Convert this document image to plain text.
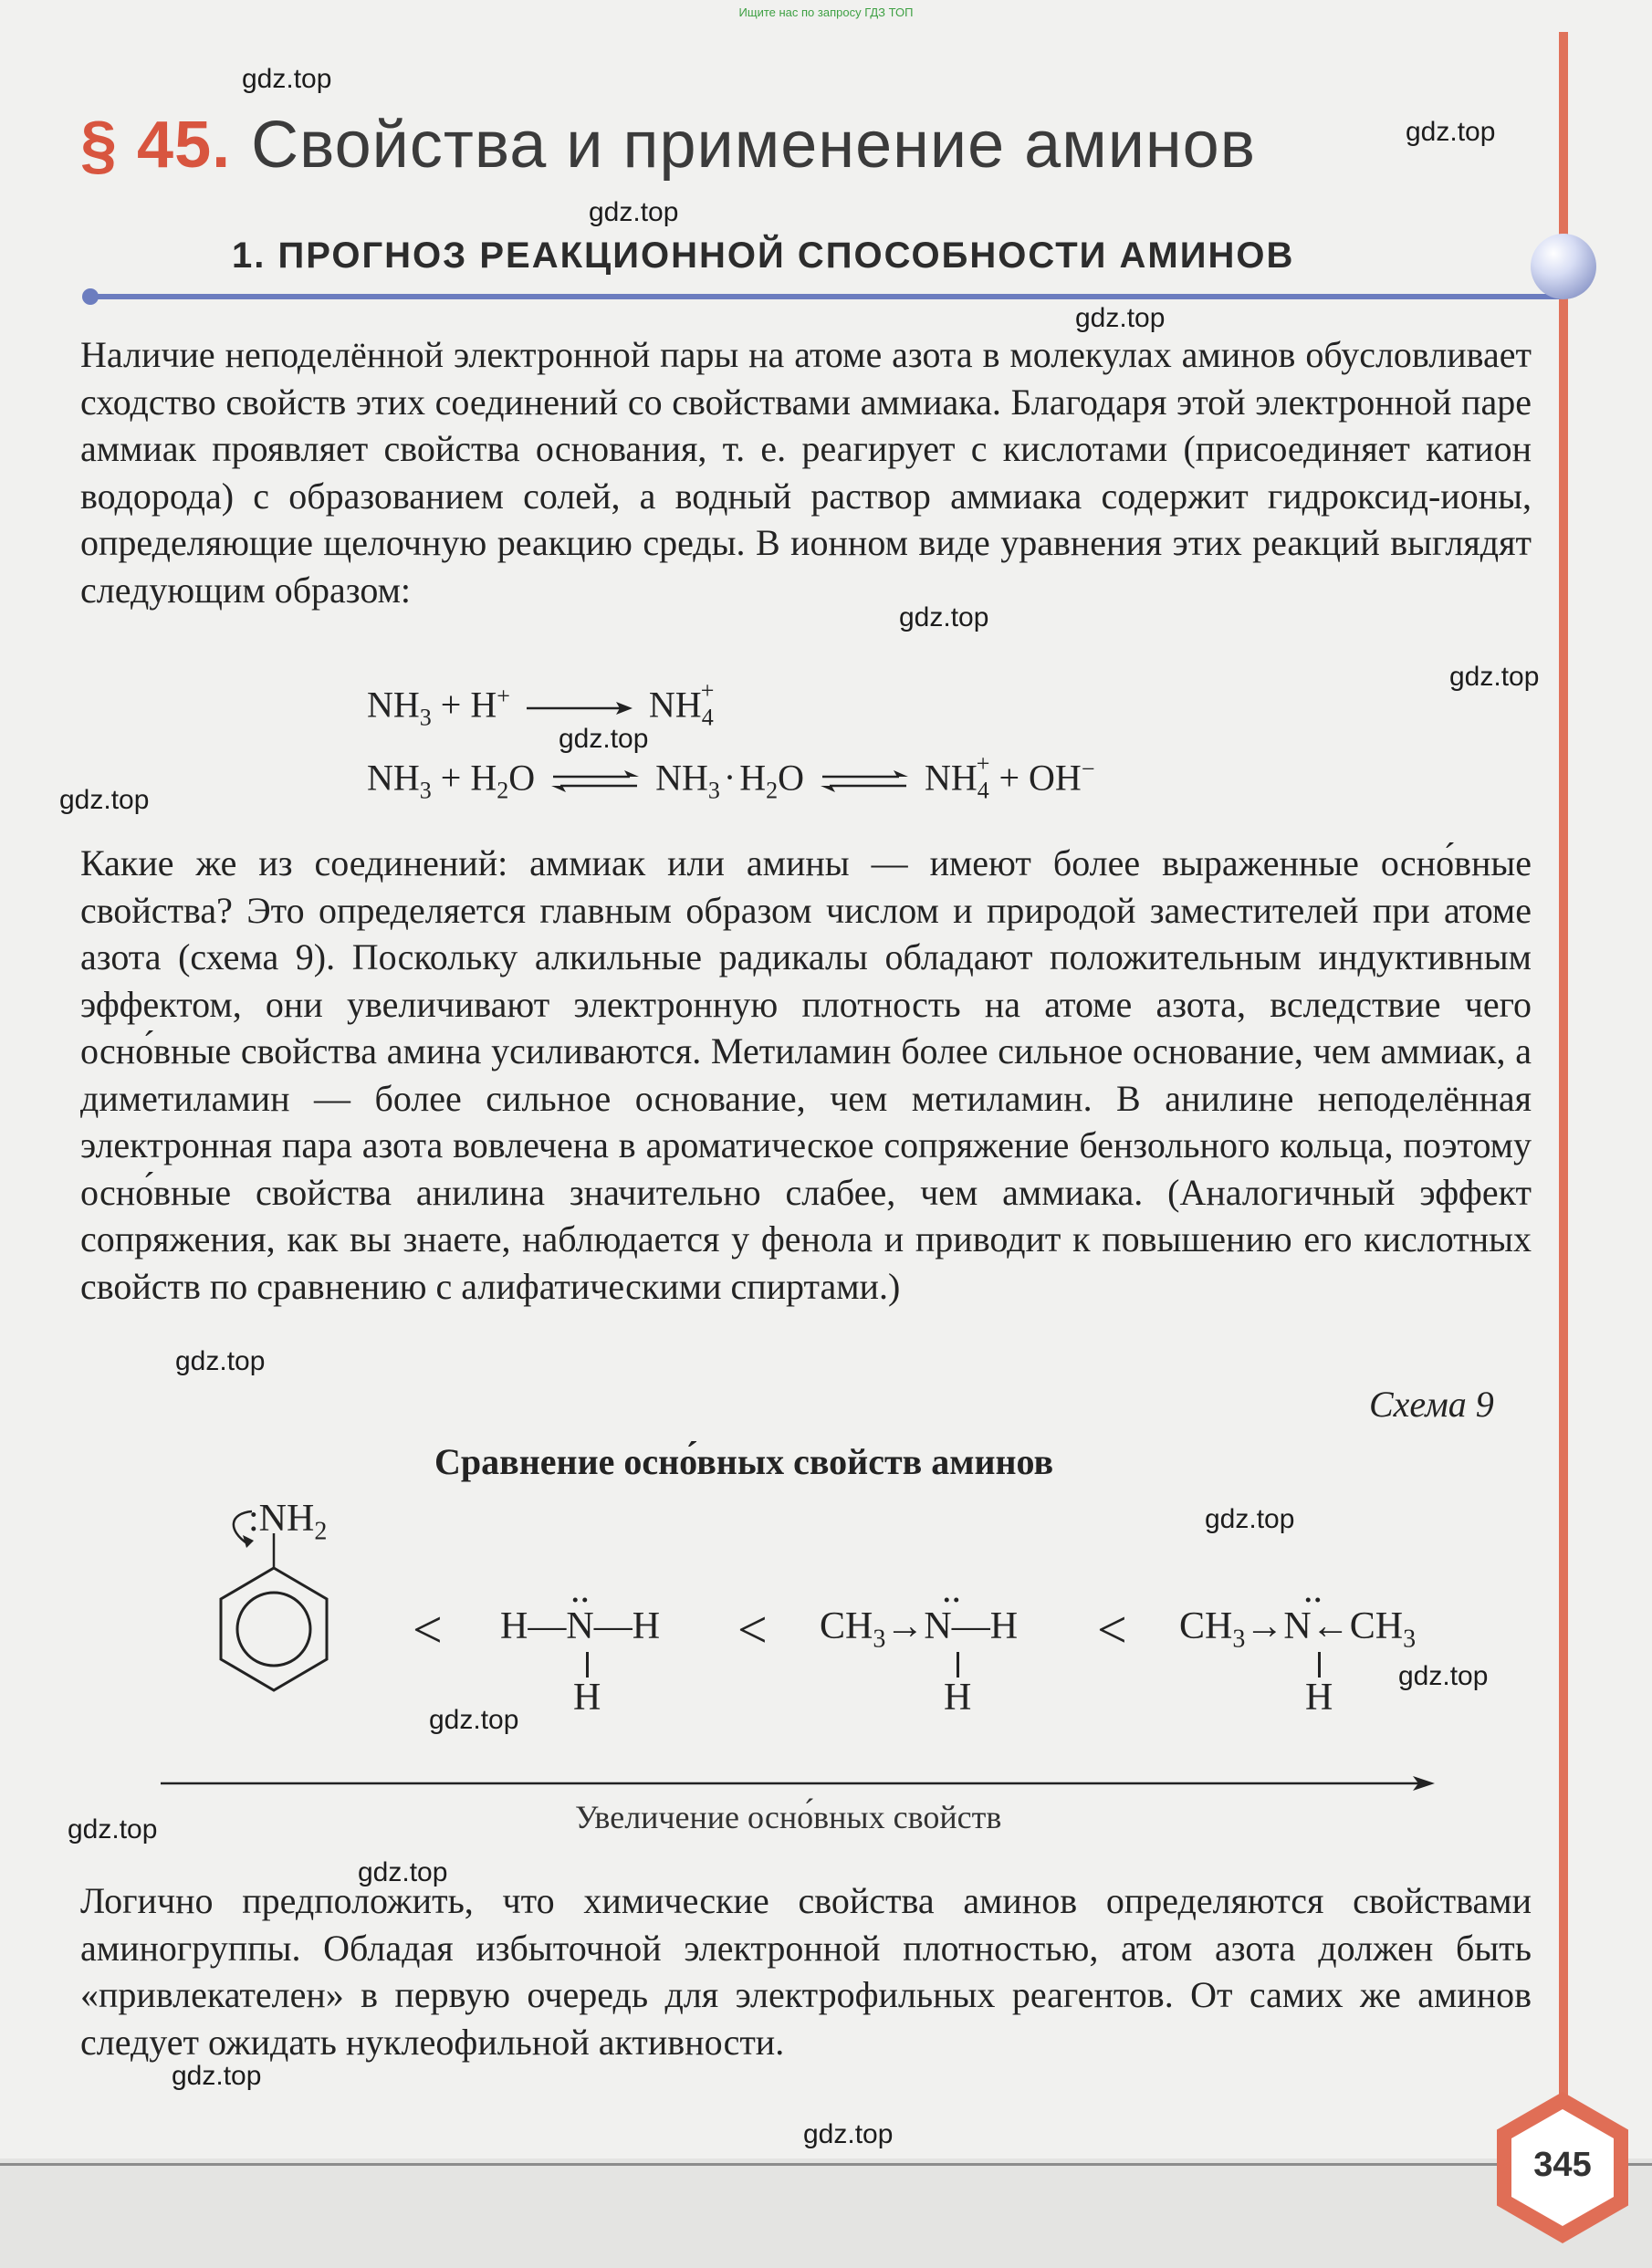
Ищите нас по запросу ГДЗ ТОП
§ 45. Свойства и применение аминов
1. ПРОГНОЗ РЕАКЦИОННОЙ СПОСОБНОСТИ АМИНОВ
Наличие неподелённой электронной пары на атоме азота в молекулах аминов обусловливает сходство свойств этих соединений со свойствами аммиака. Благодаря этой электронной паре аммиак проявляет свойства основания, т. е. реагирует с кислотами (присоединяет катион водорода) с образованием солей, а водный раствор аммиака содержит гидроксид-ионы, определяющие щелочную реакцию среды. В ионном виде уравнения этих реакций выглядят следующим образом:
$NH_3 + H^+$	$NH_4^+$
$NH_3 + H_2O$ ⇌ $NH_3 \cdot H_2O$ ⇌ $NH_4^+ + OH^-$
Какие же из соединений: аммиак или амины — имеют более выраженные осно́вные свойства? Это определяется главным образом числом и природой заместителей при атоме азота (схема 9). Поскольку алкильные радикалы обладают положительным индуктивным эффектом, они увеличивают электронную плотность на атоме азота, вследствие чего осно́вные свойства амина усиливаются. Метиламин более сильное основание, чем аммиак, а диметиламин — более сильное основание, чем метиламин. В анилине неподелённая электронная пара азота вовлечена в ароматическое сопряжение бензольного кольца, поэтому осно́вные свойства анилина значительно слабее, чем аммиака. (Аналогичный эффект сопряжения, как вы знаете, наблюдается у фенола и приводит к повышению его кислотных свойств по сравнению с алифатическими спиртами.)
Схема 9
Сравнение осно́вных свойств аминов
$:NH_2$
< H—N—H
..
H
< $CH_3\to N—H$
..
H
< $CH_3\to N\leftarrow CH_3$
..
H
Увеличение осно́вных свойств
Логично предположить, что химические свойства аминов определяются свойствами аминогруппы. Обладая избыточной электронной плотностью, атом азота должен быть «привлекателен» в первую очередь для электрофильных реагентов. От самих же аминов следует ожидать нуклеофильной активности.
gdz.top
gdz.top
gdz.top
gdz.top
gdz.top
gdz.top
gdz.top
gdz.top
gdz.top
gdz.top
gdz.top
gdz.top
gdz.top
gdz.top
gdz.top
gdz.top
345
